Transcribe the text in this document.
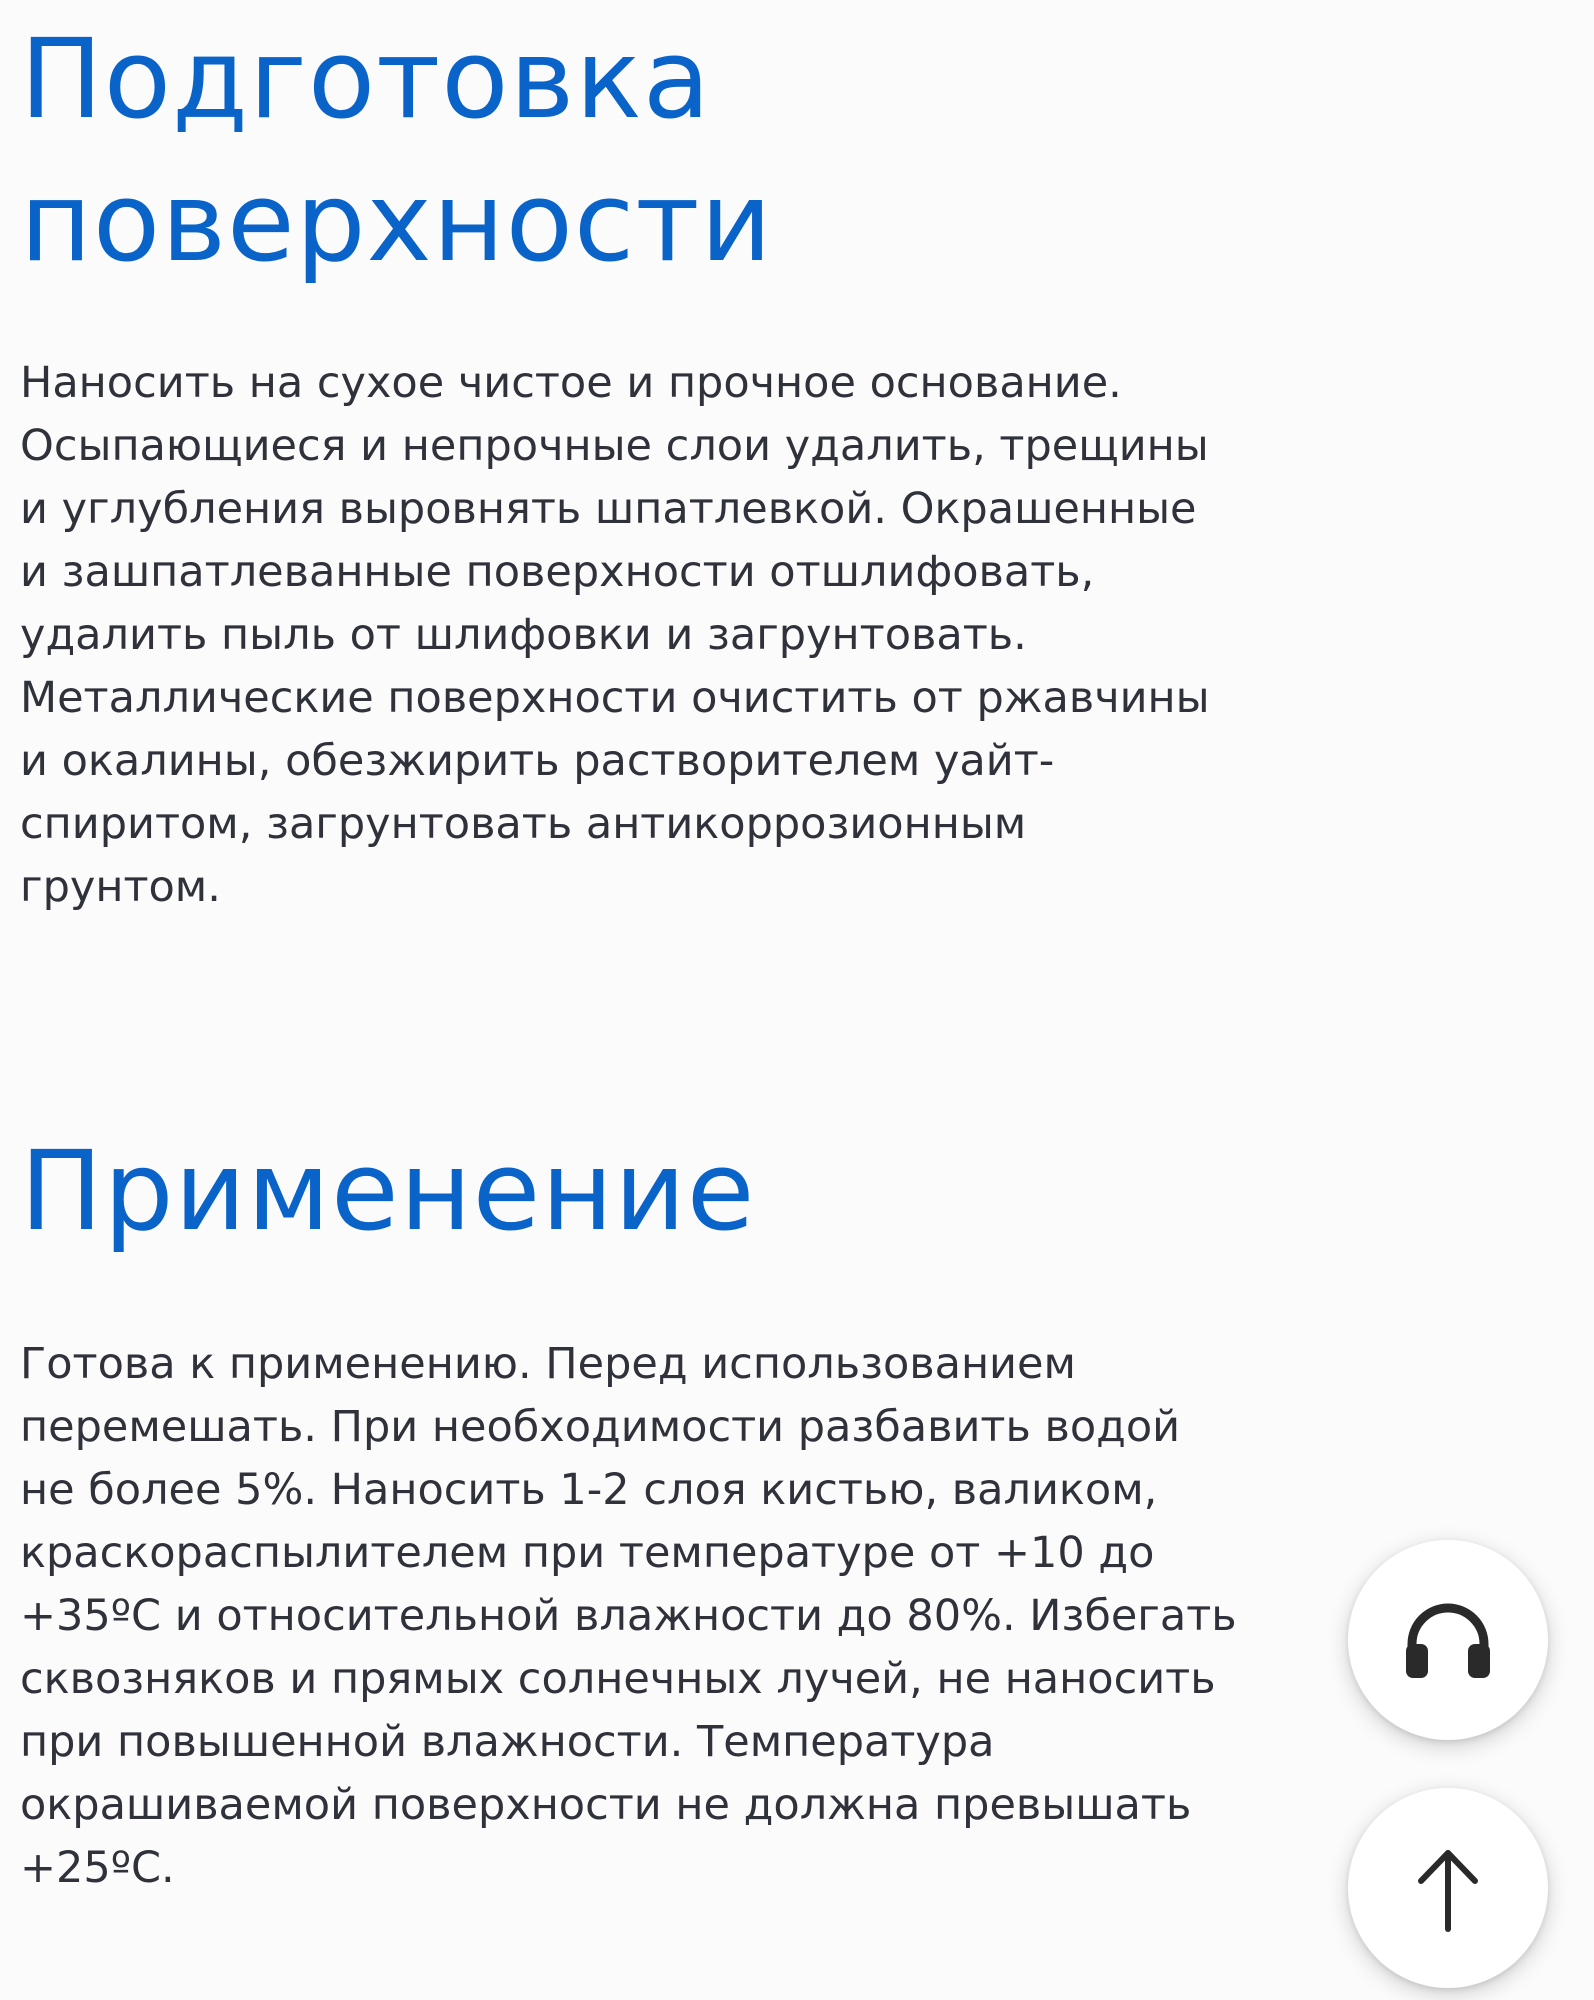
Подготовка поверхности

Наносить на сухое чистое и прочное основание.
Осыпающиеся и непрочные слои удалить, трещины
и углубления выровнять шпатлевкой. Окрашенные
и зашпатлеванные поверхности отшлифовать,
удалить пыль от шлифовки и загрунтовать.
Металлические поверхности очистить от ржавчины
и окалины, обезжирить растворителем уайт-
спиритом, загрунтовать антикоррозионным
грунтом.

Применение

Готова к применению. Перед использованием
перемешать. При необходимости разбавить водой
не более 5%. Наносить 1-2 слоя кистью, валиком,
краскораспылителем при температуре от +10 до
+35ºС и относительной влажности до 80%. Избегать
сквозняков и прямых солнечных лучей, не наносить
при повышенной влажности. Температура
окрашиваемой поверхности не должна превышать
+25ºС.
